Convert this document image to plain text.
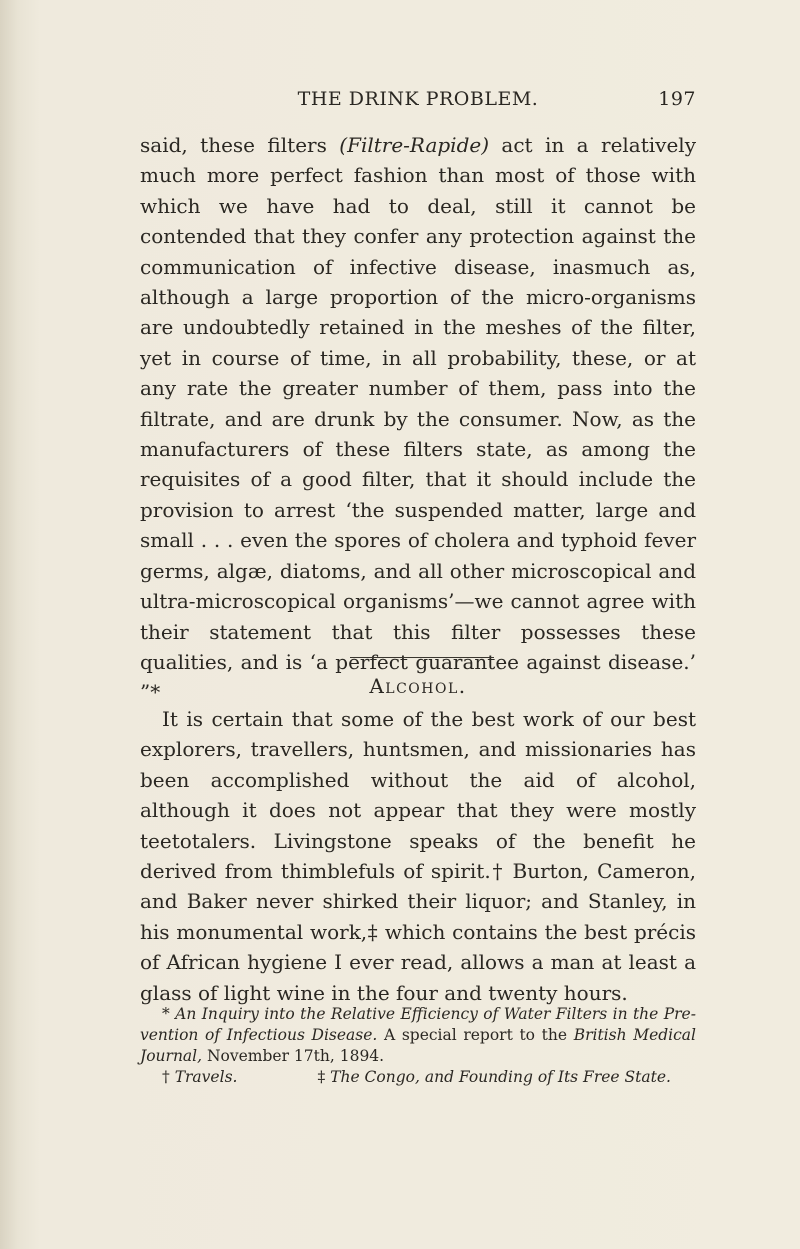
THE DRINK PROBLEM.	197

said, these filters (Filtre-Rapide) act in a relatively much more perfect fashion than most of those with which we have had to deal, still it cannot be contended that they confer any protection against the communication of infective disease, inasmuch as, although a large proportion of the micro-organisms are undoubtedly retained in the meshes of the filter, yet in course of time, in all probability, these, or at any rate the greater number of them, pass into the filtrate, and are drunk by the consumer. Now, as the manufacturers of these filters state, as among the requisites of a good filter, that it should include the provision to arrest ‘the suspended matter, large and small . . . even the spores of cholera and typhoid fever germs, algæ, diatoms, and all other microscopical and ultra-microscopical organisms’—we cannot agree with their statement that this filter possesses these qualities, and is ‘a perfect guarantee against disease.’ ”*	Alcohol.

It is certain that some of the best work of our best explorers, travellers, huntsmen, and missionaries has been accomplished without the aid of alcohol, although it does not appear that they were mostly teetotalers. Livingstone speaks of the benefit he derived from thimblefuls of spirit.† Burton, Cameron, and Baker never shirked their liquor; and Stanley, in his monumental work,‡ which contains the best précis of African hygiene I ever read, allows a man at least a glass of light wine in the four and twenty hours.

* An Inquiry into the Relative Efficiency of Water Filters in the Prevention of Infectious Disease. A special report to the British Medical Journal, November 17th, 1894.

† Travels.	‡ The Congo, and Founding of Its Free State.
